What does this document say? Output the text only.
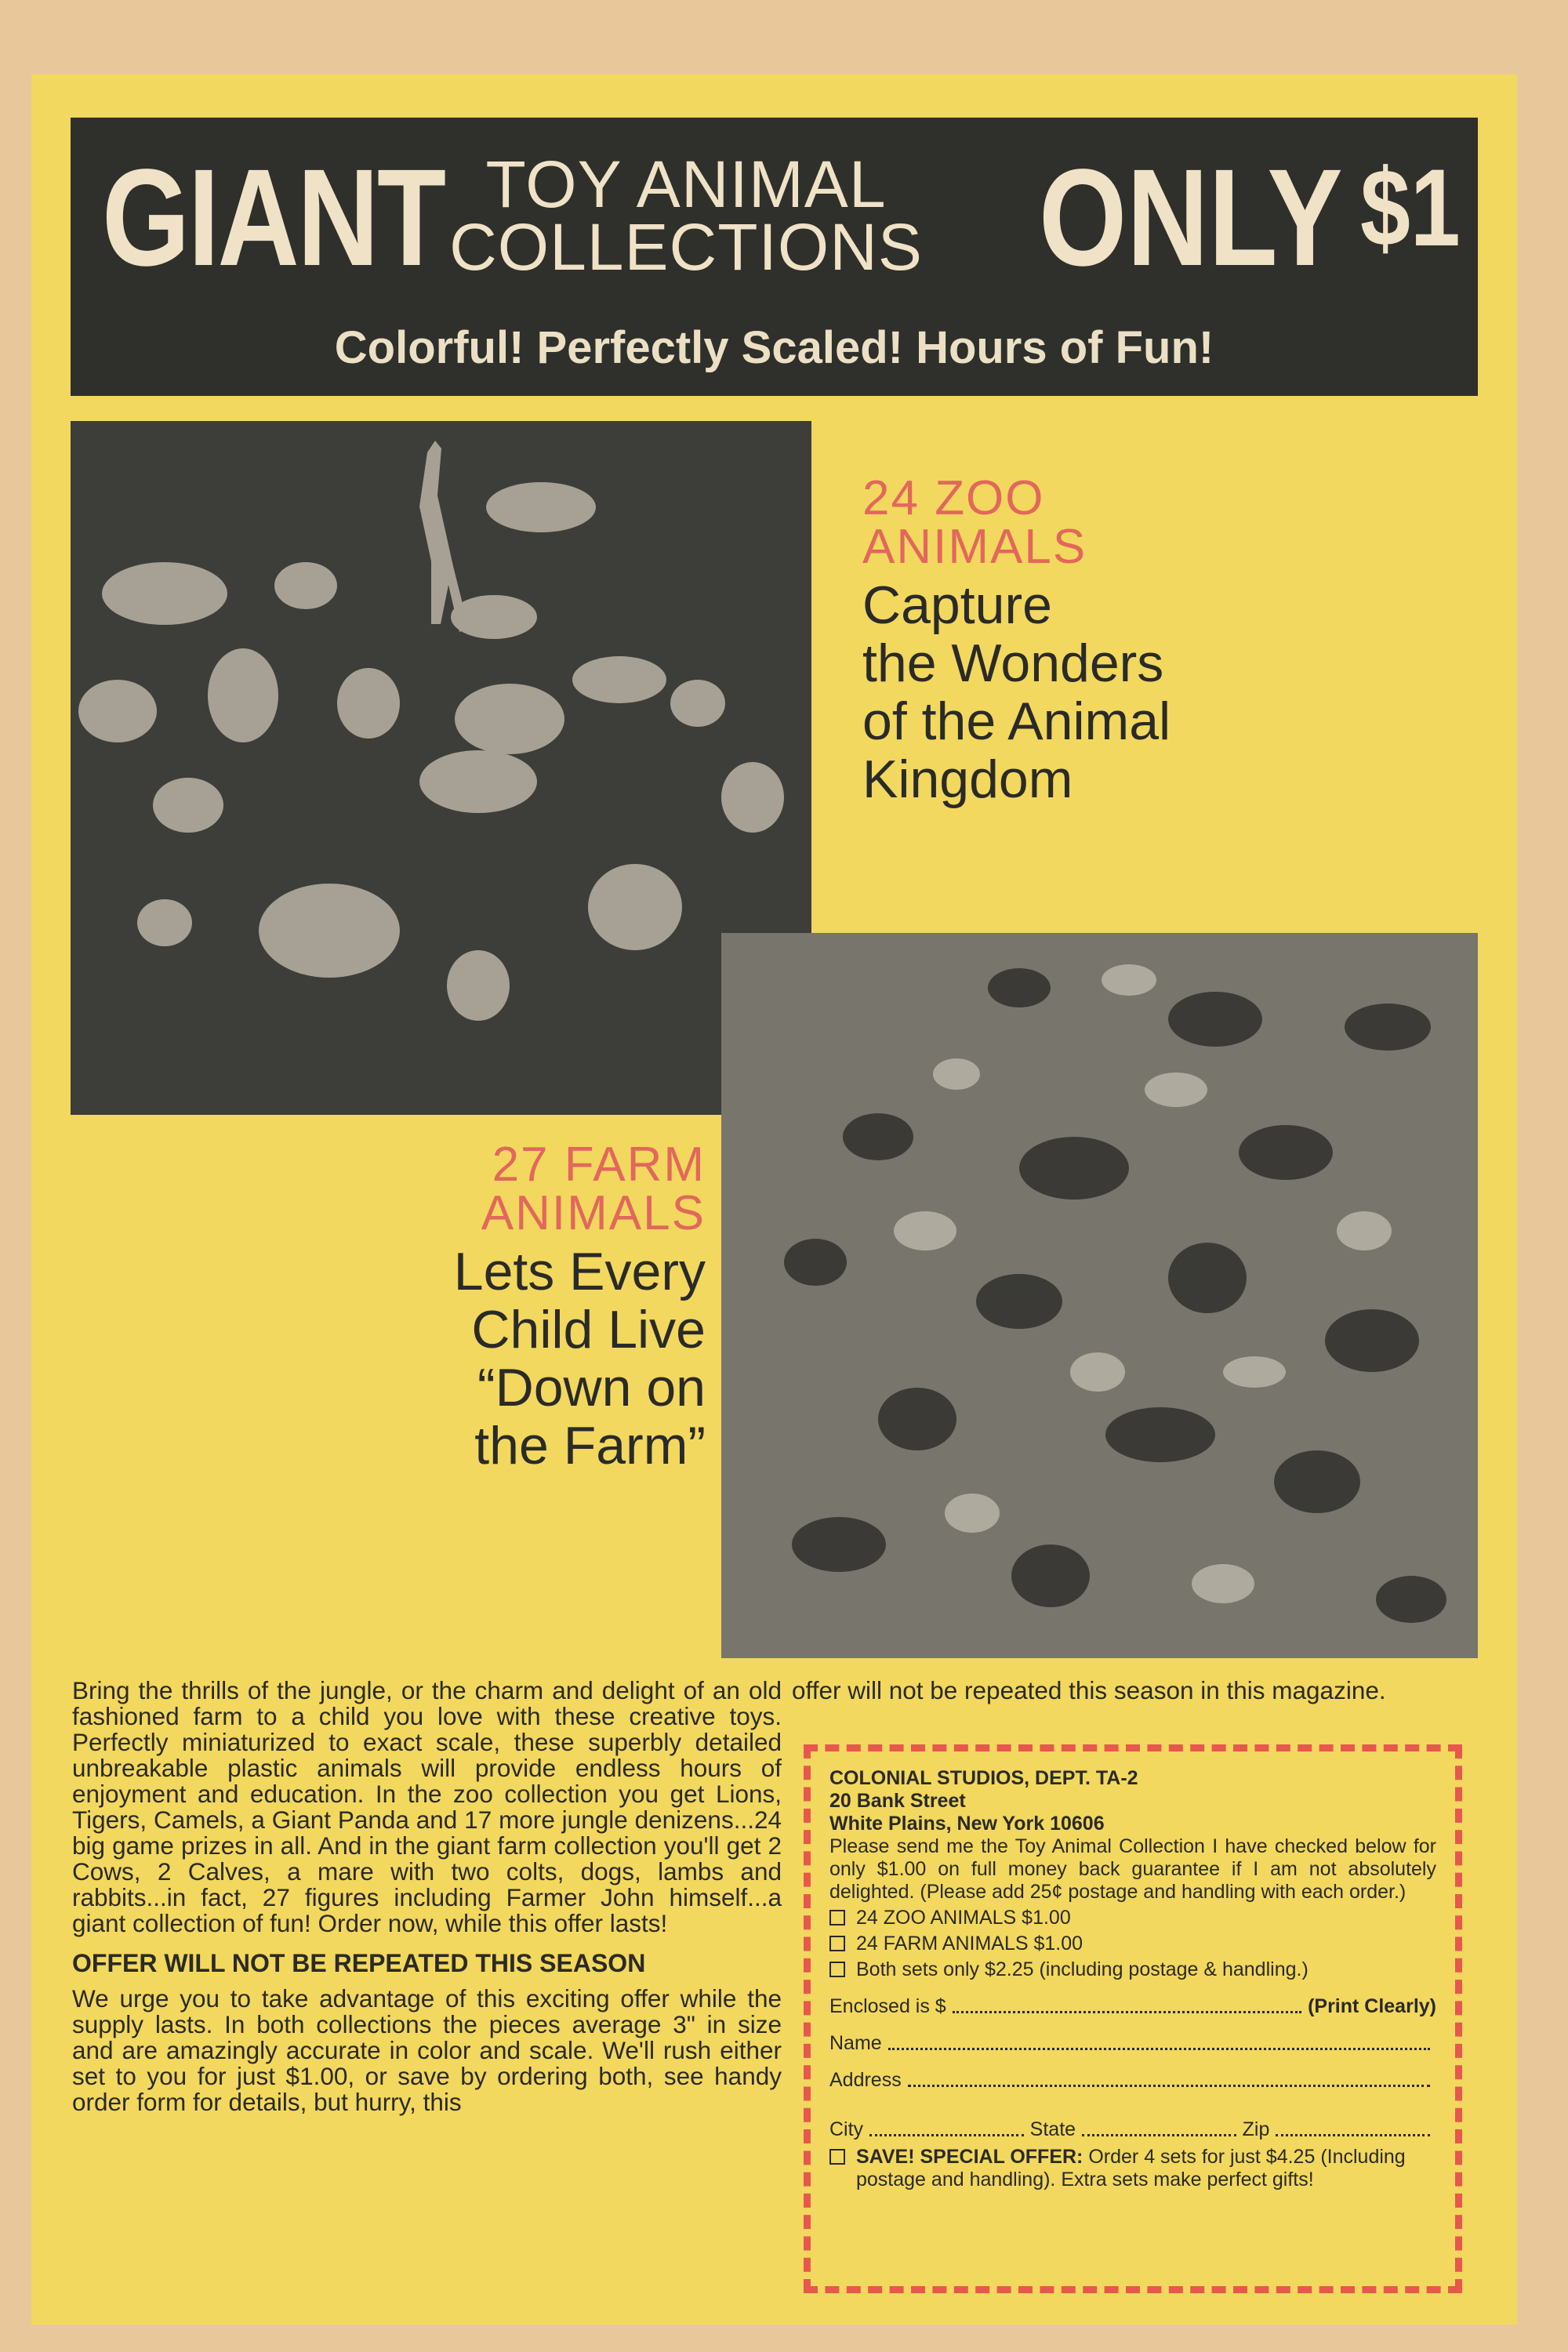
GIANT TOY ANIMAL
COLLECTIONS ONLY $1
Colorful! Perfectly Scaled! Hours of Fun!
24 ZOO
ANIMALS
Capture
the Wonders
of the Animal
Kingdom
27 FARM
ANIMALS
Lets Every
Child Live
“Down on
the Farm”

Bring the thrills of the jungle, or the charm and delight of an old fashioned farm to a child you love with these creative toys. Perfectly miniaturized to exact scale, these superbly detailed unbreakable plastic animals will provide endless hours of enjoyment and education. In the zoo collection you get Lions, Tigers, Camels, a Giant Panda and 17 more jungle denizens...24 big game prizes in all. And in the giant farm collection you'll get 2 Cows, 2 Calves, a mare with two colts, dogs, lambs and rabbits...in fact, 27 figures including Farmer John himself...a giant collection of fun! Order now, while this offer lasts!

OFFER WILL NOT BE REPEATED THIS SEASON

We urge you to take advantage of this exciting offer while the supply lasts. In both collections the pieces average 3" in size and are amazingly accurate in color and scale. We'll rush either set to you for just $1.00, or save by ordering both, see handy order form for details, but hurry, this

offer will not be repeated this season in this magazine.

COLONIAL STUDIOS, DEPT. TA-2
20 Bank Street
White Plains, New York 10606
Please send me the Toy Animal Collection I have checked below for only $1.00 on full money back guarantee if I am not absolutely delighted. (Please add 25¢ postage and handling with each order.)
24 ZOO ANIMALS $1.00
24 FARM ANIMALS $1.00
Both sets only $2.25 (including postage & handling.)
Enclosed is $	(Print Clearly)
Name
Address
City	State	Zip
SAVE! SPECIAL OFFER: Order 4 sets for just $4.25 (Including postage and handling). Extra sets make perfect gifts!
